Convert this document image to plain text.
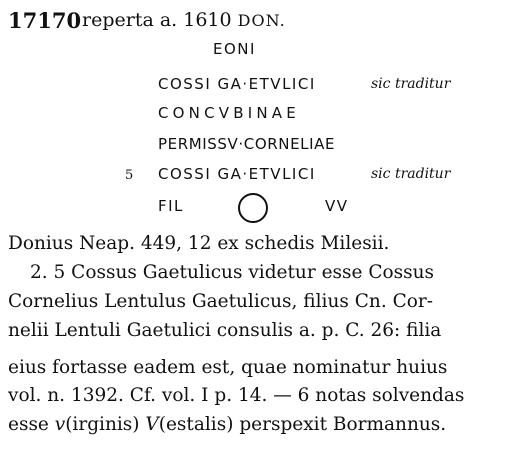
17170 reperta a. 1610 DON.
EONI
COSSI GA·ETVLICI	sic traditur
CONCVBINAE
PERMISSV·CORNELIAE
5 COSSI GA·ETVLICI	sic traditur
FIL	VV
Donius Neap. 449, 12 ex schedis Milesii.
2. 5 Cossus Gaetulicus videtur esse Cossus
Cornelius Lentulus Gaetulicus, filius Cn. Cor-
nelii Lentuli Gaetulici consulis a. p. C. 26: filia
eius fortasse eadem est, quae nominatur huius
vol. n. 1392. Cf. vol. I p. 14. — 6 notas solvendas
esse v(irginis) V(estalis) perspexit Bormannus.
